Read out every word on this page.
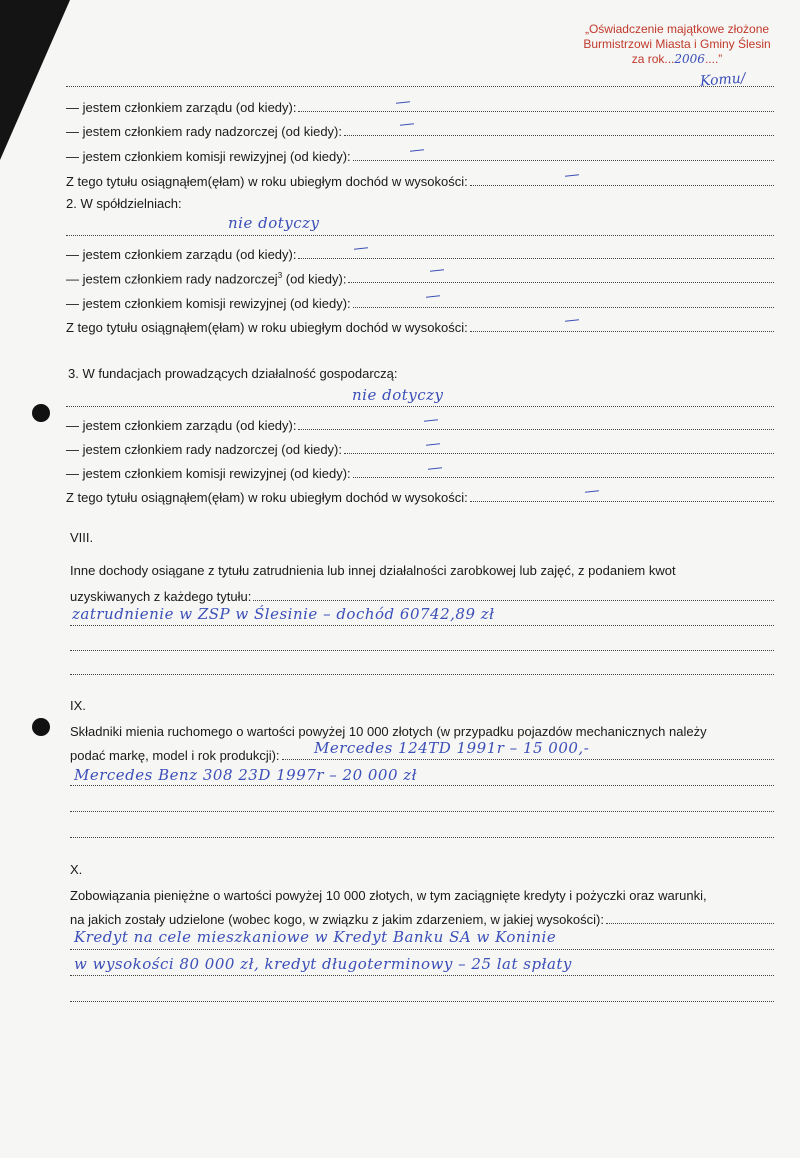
„Oświadczenie majątkowe złożone
Burmistrzowi Miasta i Gminy Ślesin
za rok...2006....”
Komu/
— jestem członkiem zarządu (od kiedy):
— jestem członkiem rady nadzorczej (od kiedy):
— jestem członkiem komisji rewizyjnej (od kiedy):
Z tego tytułu osiągnąłem(ęłam) w roku ubiegłym dochód w wysokości:
2. W spółdzielniach:
nie dotyczy
— jestem członkiem zarządu (od kiedy):
— jestem członkiem rady nadzorczej$^3$ (od kiedy):
— jestem członkiem komisji rewizyjnej (od kiedy):
Z tego tytułu osiągnąłem(ęłam) w roku ubiegłym dochód w wysokości:
3. W fundacjach prowadzących działalność gospodarczą:
nie dotyczy
— jestem członkiem zarządu (od kiedy):
— jestem członkiem rady nadzorczej (od kiedy):
— jestem członkiem komisji rewizyjnej (od kiedy):
Z tego tytułu osiągnąłem(ęłam) w roku ubiegłym dochód w wysokości:
VIII.
Inne dochody osiągane z tytułu zatrudnienia lub innej działalności zarobkowej lub zajęć, z podaniem kwot
uzyskiwanych z każdego tytułu:
zatrudnienie w ZSP w Ślesinie – dochód 60742,89 zł
IX.
Składniki mienia ruchomego o wartości powyżej 10 000 złotych (w przypadku pojazdów mechanicznych należy
podać markę, model i rok produkcji): Mercedes 124TD 1991r – 15 000,-
Mercedes Benz 308 23D 1997r – 20 000 zł
X.
Zobowiązania pieniężne o wartości powyżej 10 000 złotych, w tym zaciągnięte kredyty i pożyczki oraz warunki,
na jakich zostały udzielone (wobec kogo, w związku z jakim zdarzeniem, w jakiej wysokości):
Kredyt na cele mieszkaniowe w Kredyt Banku SA w Koninie
w wysokości 80 000 zł, kredyt długoterminowy – 25 lat spłaty
